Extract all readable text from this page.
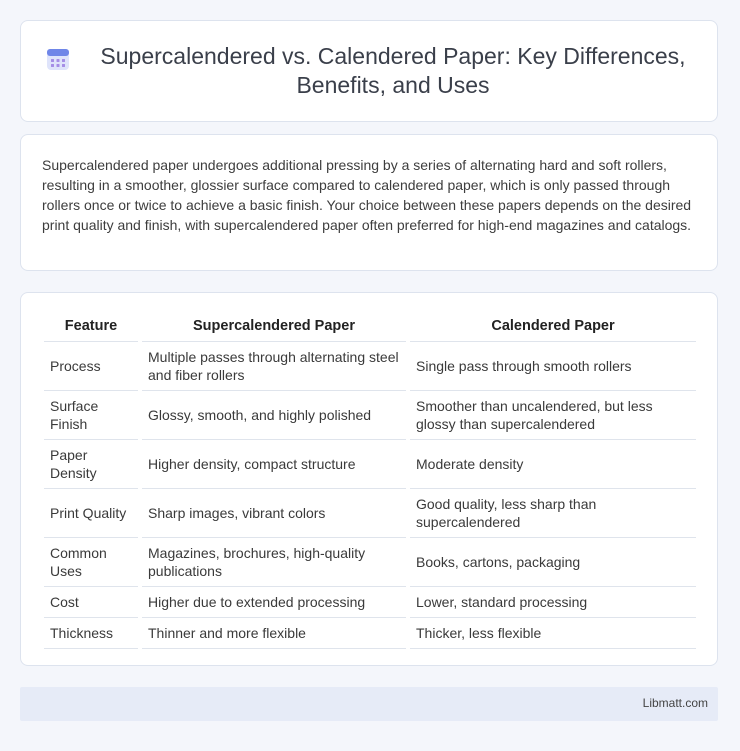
Supercalendered vs. Calendered Paper: Key Differences, Benefits, and Uses

Supercalendered paper undergoes additional pressing by a series of alternating hard and soft rollers, resulting in a smoother, glossier surface compared to calendered paper, which is only passed through rollers once or twice to achieve a basic finish. Your choice between these papers depends on the desired print quality and finish, with supercalendered paper often preferred for high-end magazines and catalogs.

Feature	Supercalendered Paper	Calendered Paper
Process	Multiple passes through alternating steel and fiber rollers	Single pass through smooth rollers
Surface Finish	Glossy, smooth, and highly polished	Smoother than uncalendered, but less glossy than supercalendered
Paper Density	Higher density, compact structure	Moderate density
Print Quality	Sharp images, vibrant colors	Good quality, less sharp than supercalendered
Common Uses	Magazines, brochures, high-quality publications	Books, cartons, packaging
Cost	Higher due to extended processing	Lower, standard processing
Thickness	Thinner and more flexible	Thicker, less flexible
Libmatt.com
